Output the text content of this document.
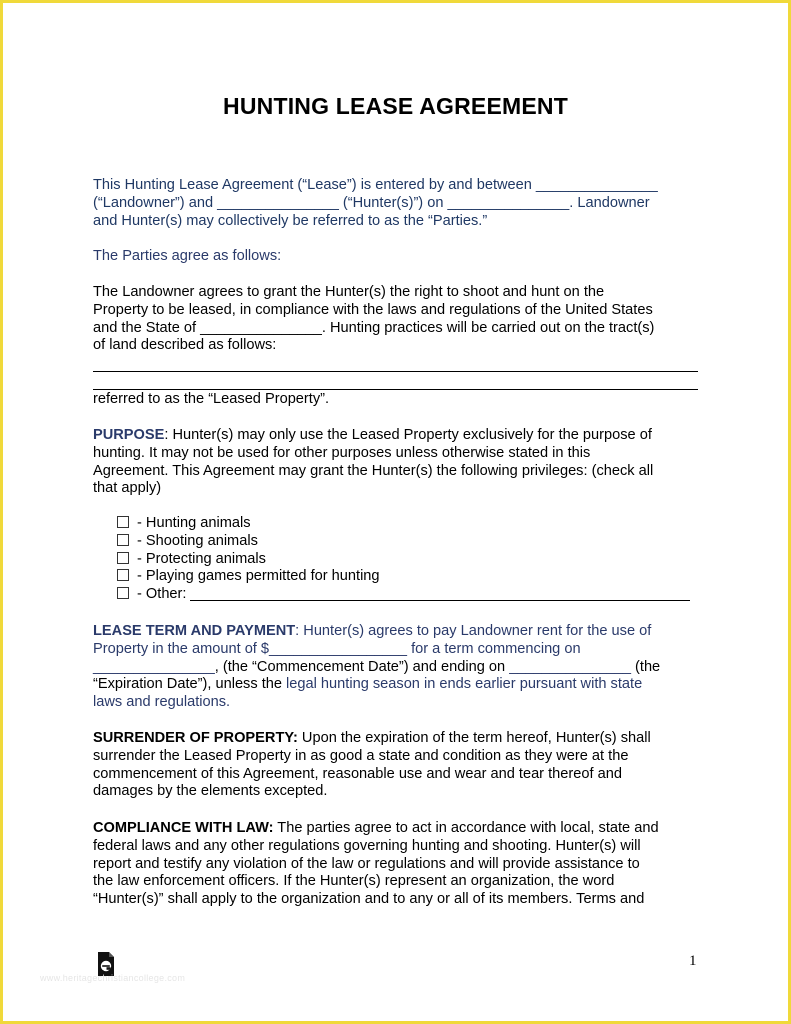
HUNTING LEASE AGREEMENT
This Hunting Lease Agreement (“Lease”) is entered by and between _______________
(“Landowner”) and _______________ (“Hunter(s)”) on _______________. Landowner
and Hunter(s) may collectively be referred to as the “Parties.”
The Parties agree as follows:
The Landowner agrees to grant the Hunter(s) the right to shoot and hunt on the
Property to be leased, in compliance with the laws and regulations of the United States
and the State of _______________. Hunting practices will be carried out on the tract(s)
of land described as follows:
referred to as the “Leased Property”.
PURPOSE: Hunter(s) may only use the Leased Property exclusively for the purpose of
hunting. It may not be used for other purposes unless otherwise stated in this
Agreement. This Agreement may grant the Hunter(s) the following privileges: (check all
that apply)
- Hunting animals
- Shooting animals
- Protecting animals
- Playing games permitted for hunting
- Other:
LEASE TERM AND PAYMENT: Hunter(s) agrees to pay Landowner rent for the use of
Property in the amount of $_________________ for a term commencing on
_______________, (the “Commencement Date”) and ending on _______________ (the
“Expiration Date”), unless the legal hunting season in ends earlier pursuant with state
laws and regulations.
SURRENDER OF PROPERTY: Upon the expiration of the term hereof, Hunter(s) shall
surrender the Leased Property in as good a state and condition as they were at the
commencement of this Agreement, reasonable use and wear and tear thereof and
damages by the elements excepted.
COMPLIANCE WITH LAW: The parties agree to act in accordance with local, state and
federal laws and any other regulations governing hunting and shooting. Hunter(s) will
report and testify any violation of the law or regulations and will provide assistance to
the law enforcement officers. If the Hunter(s) represent an organization, the word
“Hunter(s)” shall apply to the organization and to any or all of its members. Terms and
www.heritagechristiancollege.com
1
